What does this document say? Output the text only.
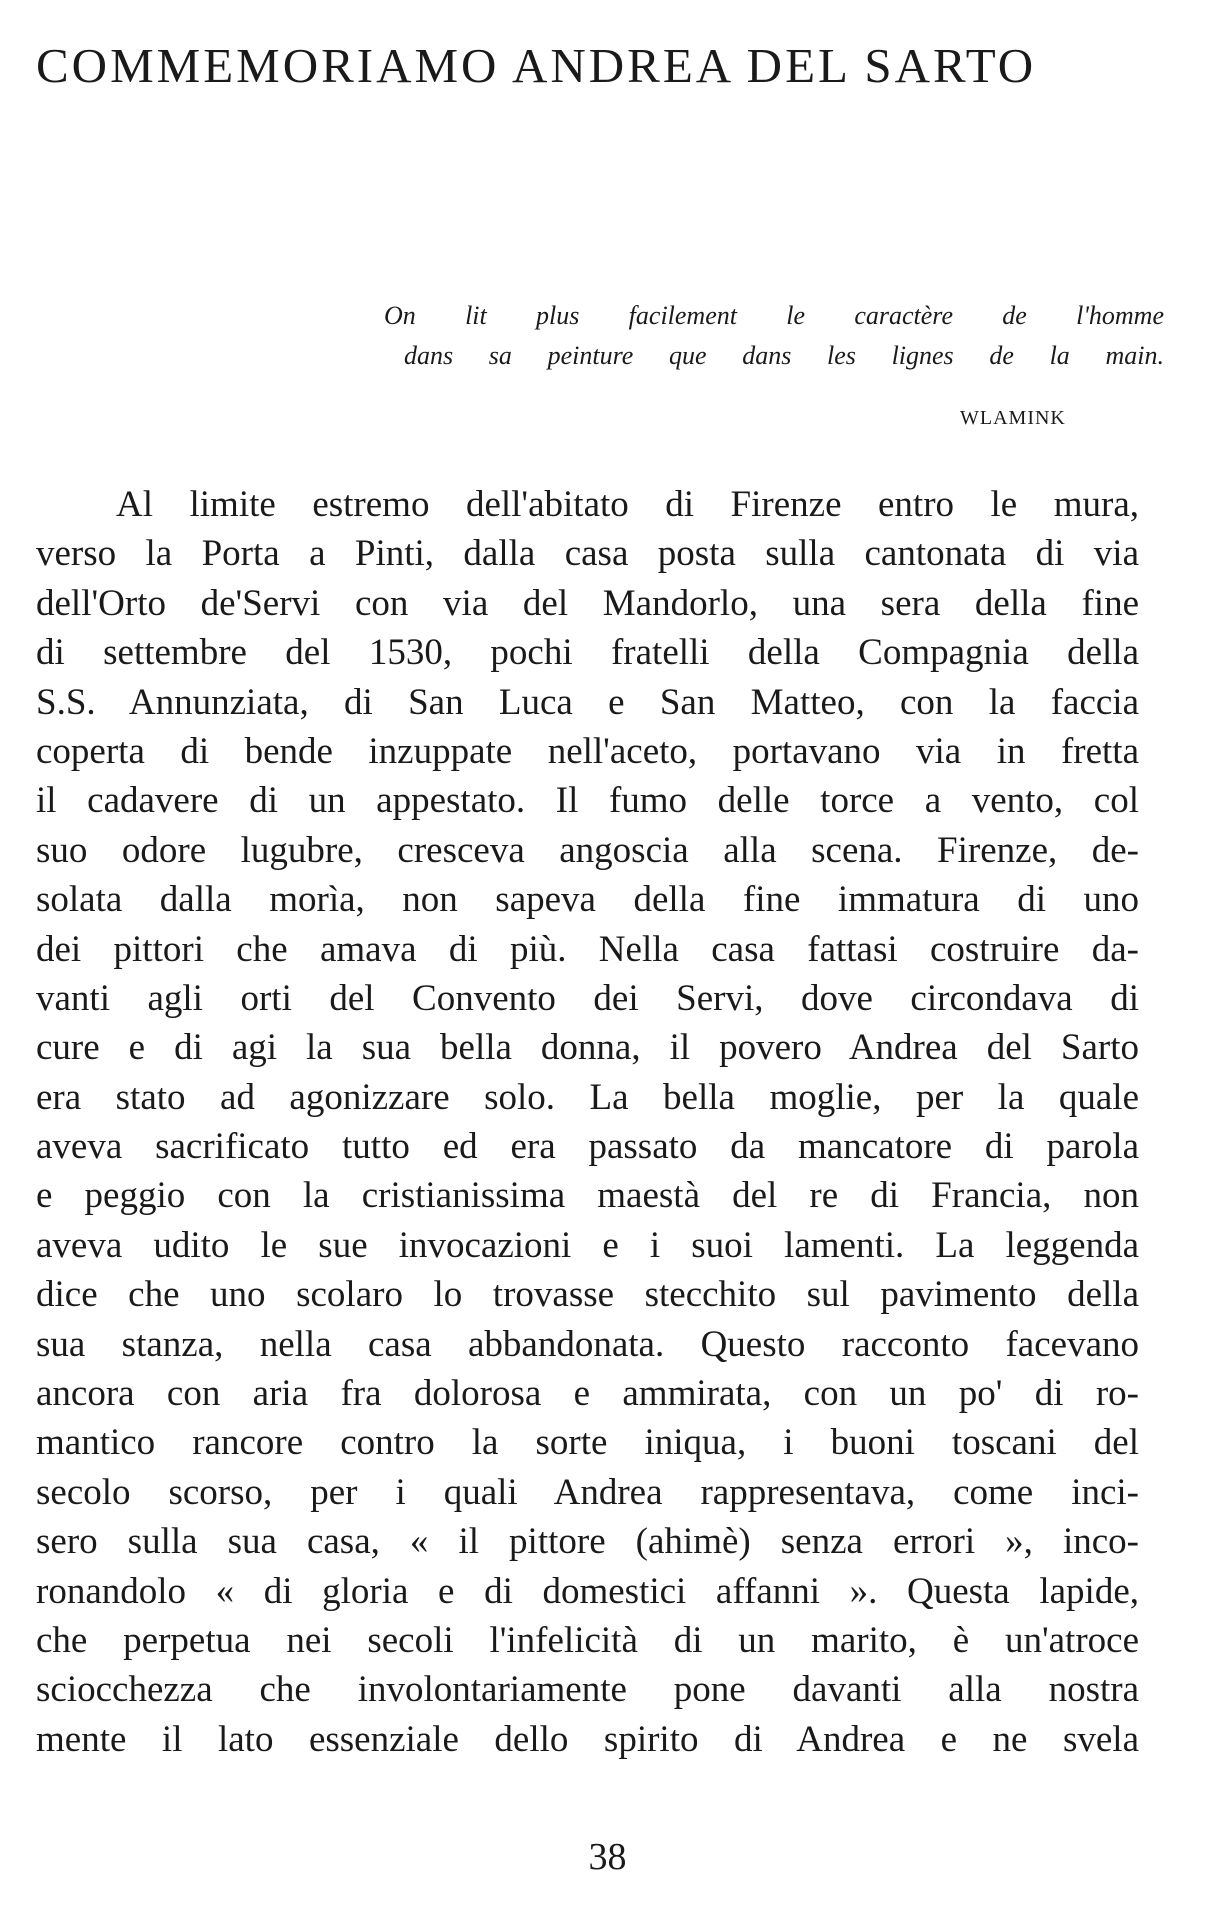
COMMEMORIAMO ANDREA DEL SARTO
On lit plus facilement le caractère de l'homme
dans sa peinture que dans les lignes de la main.
WLAMINK
Al limite estremo dell'abitato di Firenze entro le mura,
verso la Porta a Pinti, dalla casa posta sulla cantonata di via
dell'Orto de'Servi con via del Mandorlo, una sera della fine
di settembre del 1530, pochi fratelli della Compagnia della
S.S. Annunziata, di San Luca e San Matteo, con la faccia
coperta di bende inzuppate nell'aceto, portavano via in fretta
il cadavere di un appestato. Il fumo delle torce a vento, col
suo odore lugubre, cresceva angoscia alla scena. Firenze, de-
solata dalla morìa, non sapeva della fine immatura di uno
dei pittori che amava di più. Nella casa fattasi costruire da-
vanti agli orti del Convento dei Servi, dove circondava di
cure e di agi la sua bella donna, il povero Andrea del Sarto
era stato ad agonizzare solo. La bella moglie, per la quale
aveva sacrificato tutto ed era passato da mancatore di parola
e peggio con la cristianissima maestà del re di Francia, non
aveva udito le sue invocazioni e i suoi lamenti. La leggenda
dice che uno scolaro lo trovasse stecchito sul pavimento della
sua stanza, nella casa abbandonata. Questo racconto facevano
ancora con aria fra dolorosa e ammirata, con un po' di ro-
mantico rancore contro la sorte iniqua, i buoni toscani del
secolo scorso, per i quali Andrea rappresentava, come inci-
sero sulla sua casa, « il pittore (ahimè) senza errori », inco-
ronandolo « di gloria e di domestici affanni ». Questa lapide,
che perpetua nei secoli l'infelicità di un marito, è un'atroce
sciocchezza che involontariamente pone davanti alla nostra
mente il lato essenziale dello spirito di Andrea e ne svela
38
